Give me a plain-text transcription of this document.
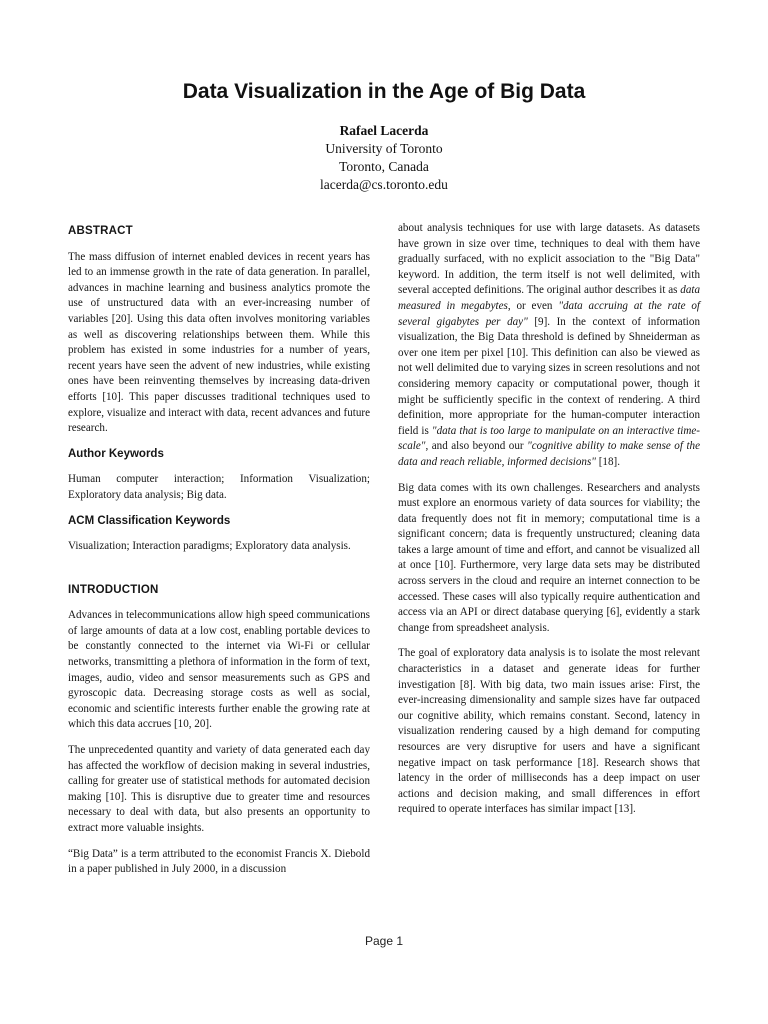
Data Visualization in the Age of Big Data
Rafael Lacerda
University of Toronto
Toronto, Canada
lacerda@cs.toronto.edu
ABSTRACT

The mass diffusion of internet enabled devices in recent years has led to an immense growth in the rate of data generation. In parallel, advances in machine learning and business analytics promote the use of unstructured data with an ever-increasing number of variables [20]. Using this data often involves monitoring variables as well as discovering relationships between them. While this problem has existed in some industries for a number of years, recent years have seen the advent of new industries, while existing ones have been reinventing themselves by increasing data-driven efforts [10]. This paper discusses traditional techniques used to explore, visualize and interact with data, recent advances and future research.

Author Keywords

Human computer interaction; Information Visualization; Exploratory data analysis; Big data.

ACM Classification Keywords

Visualization; Interaction paradigms; Exploratory data analysis.

INTRODUCTION

Advances in telecommunications allow high speed communications of large amounts of data at a low cost, enabling portable devices to be constantly connected to the internet via Wi-Fi or cellular networks, transmitting a plethora of information in the form of text, images, audio, video and sensor measurements such as GPS and gyroscopic data. Decreasing storage costs as well as social, economic and scientific interests further enable the growing rate at which this data accrues [10, 20].

The unprecedented quantity and variety of data generated each day has affected the workflow of decision making in several industries, calling for greater use of statistical methods for automated decision making [10]. This is disruptive due to greater time and resources necessary to deal with data, but also presents an opportunity to extract more valuable insights.

“Big Data” is a term attributed to the economist Francis X. Diebold in a paper published in July 2000, in a discussion

about analysis techniques for use with large datasets. As datasets have grown in size over time, techniques to deal with them have gradually surfaced, with no explicit association to the "Big Data" keyword. In addition, the term itself is not well delimited, with several accepted definitions. The original author describes it as data measured in megabytes, or even "data accruing at the rate of several gigabytes per day" [9]. In the context of information visualization, the Big Data threshold is defined by Shneiderman as over one item per pixel [10]. This definition can also be viewed as not well delimited due to varying sizes in screen resolutions and not considering memory capacity or computational power, though it might be sufficiently specific in the context of rendering. A third definition, more appropriate for the human-computer interaction field is "data that is too large to manipulate on an interactive time-scale", and also beyond our "cognitive ability to make sense of the data and reach reliable, informed decisions" [18].

Big data comes with its own challenges. Researchers and analysts must explore an enormous variety of data sources for viability; the data frequently does not fit in memory; computational time is a significant concern; data is frequently unstructured; cleaning data takes a large amount of time and effort, and cannot be visualized all at once [10]. Furthermore, very large data sets may be distributed across servers in the cloud and require an internet connection to be accessed. These cases will also typically require authentication and access via an API or direct database querying [6], evidently a stark change from spreadsheet analysis.

The goal of exploratory data analysis is to isolate the most relevant characteristics in a dataset and generate ideas for further investigation [8]. With big data, two main issues arise: First, the ever-increasing dimensionality and sample sizes have far outpaced our cognitive ability, which remains constant. Second, latency in visualization rendering caused by a high demand for computing resources are very disruptive for users and have a significant negative impact on task performance [18]. Research shows that latency in the order of milliseconds has a deep impact on user actions and decision making, and small differences in effort required to operate interfaces has similar impact [13].

Page 1
